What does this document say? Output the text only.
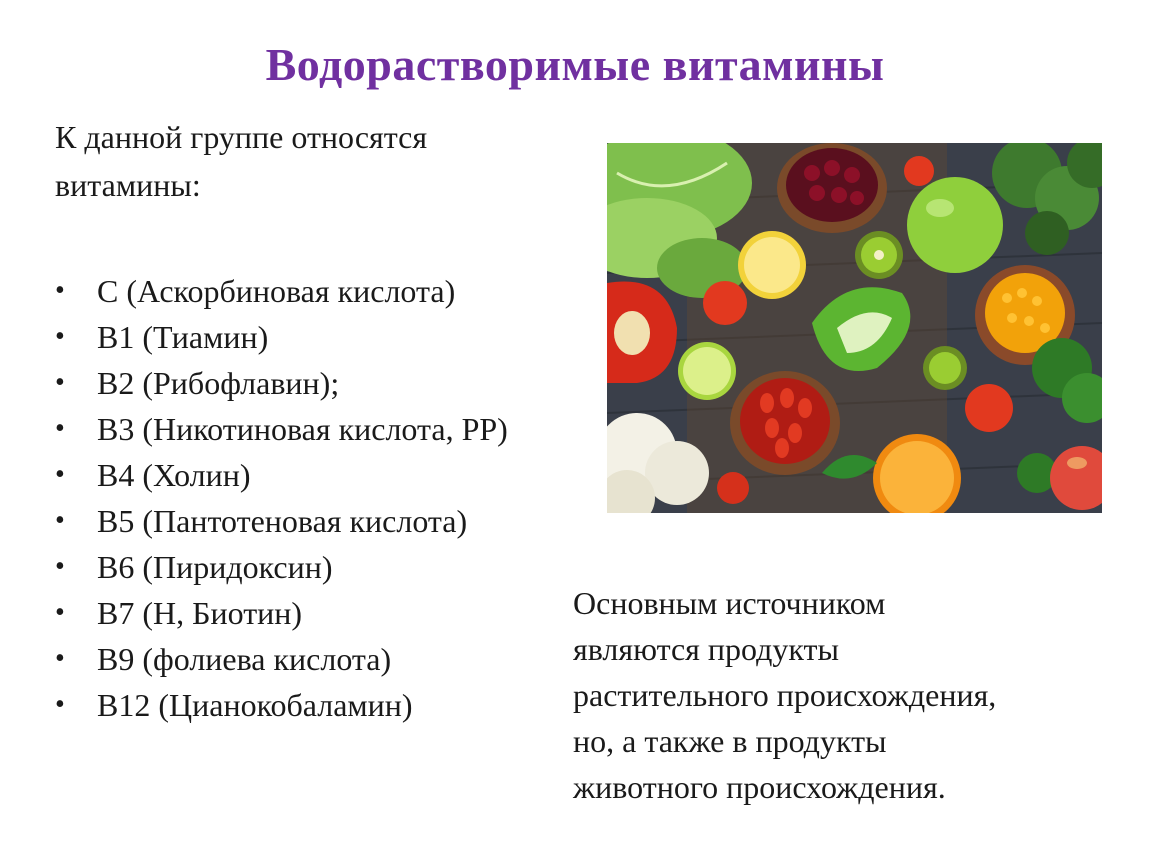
Водорастворимые витамины
К данной группе относятся
витамины:
• С (Аскорбиновая кислота)
• В1 (Тиамин)
• В2 (Рибофлавин);
• В3 (Никотиновая кислота, РР)
• В4 (Холин)
• В5 (Пантотеновая кислота)
• В6 (Пиридоксин)
• В7 (Н, Биотин)
• В9 (фолиева кислота)
• В12 (Цианокобаламин)
Основным источником
являются продукты
растительного происхождения,
но, а также в продукты
животного происхождения.
